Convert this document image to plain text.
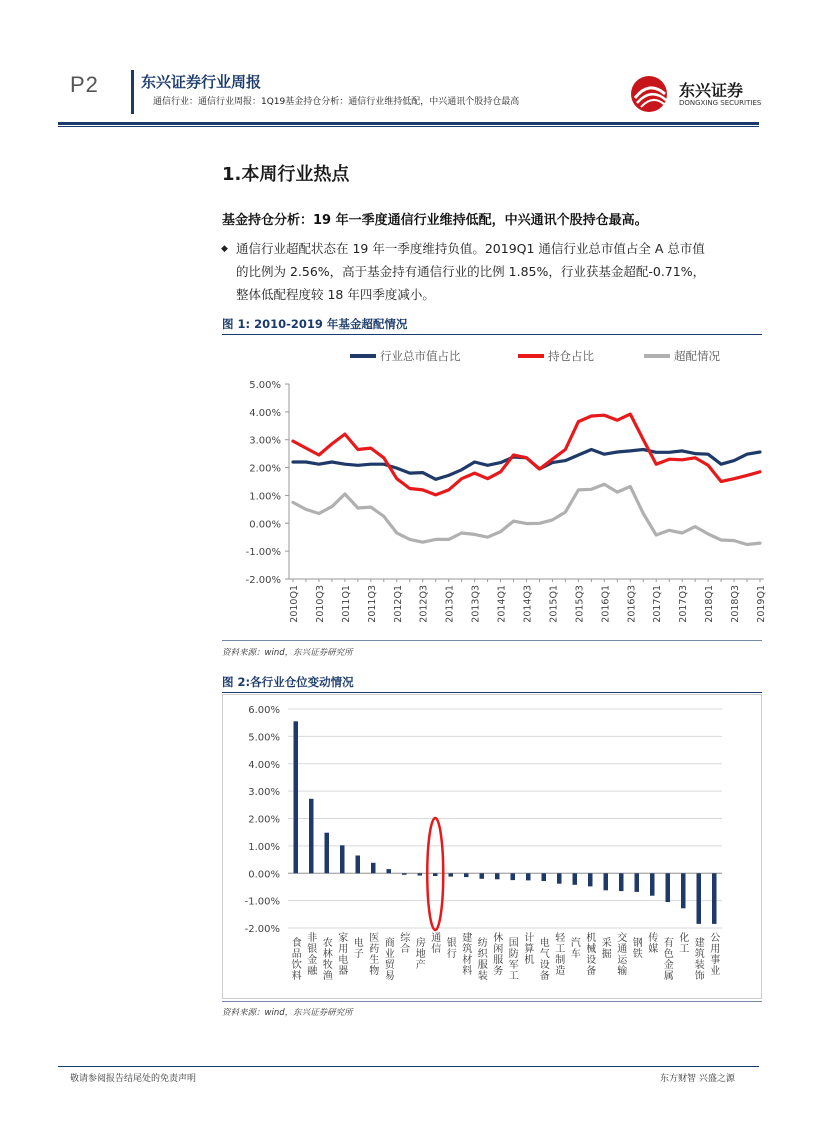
P2	东兴证券行业周报
通信行业：通信行业周报：1Q19基金持仓分析：通信行业维持低配，中兴通讯个股持仓最高
东兴证券
DONGXING SECURITIES
1.本周行业热点
基金持仓分析：19 年一季度通信行业维持低配，中兴通讯个股持仓最高。
◆ 通信行业超配状态在 19 年一季度维持负值。2019Q1 通信行业总市值占全 A 总市值
的比例为 2.56%，高于基金持有通信行业的比例 1.85%，行业获基金超配-0.71%，
整体低配程度较 18 年四季度减小。
图 1: 2010-2019 年基金超配情况
行业总市值占比	持仓占比	超配情况
5.00%
4.00%
3.00%
2.00%
1.00%
0.00%
-1.00%
-2.00%
2010Q1 2010Q3 2011Q1 2011Q3 2012Q1 2012Q3 2013Q1 2013Q3 2014Q1 2014Q3 2015Q1 2015Q3 2016Q1 2016Q3 2017Q1 2017Q3 2018Q1 2018Q3 2019Q1
资料来源：wind，东兴证券研究所
图 2:各行业仓位变动情况
6.00%
5.00%
4.00%
3.00%
2.00%
1.00%
0.00%
-1.00%
-2.00%
食品饮料
非银金融
农林牧渔
家用电器
电子
医药生物
商业贸易
综合
房地产
通信
银行
建筑材料
纺织服装
休闲服务
国防军工
计算机
电气设备
轻工制造
汽车
机械设备
采掘
交通运输
钢铁
传媒
有色金属
化工
建筑装饰
公用事业
资料来源：wind，东兴证券研究所
敬请参阅报告结尾处的免责声明	东方财智 兴盛之源
